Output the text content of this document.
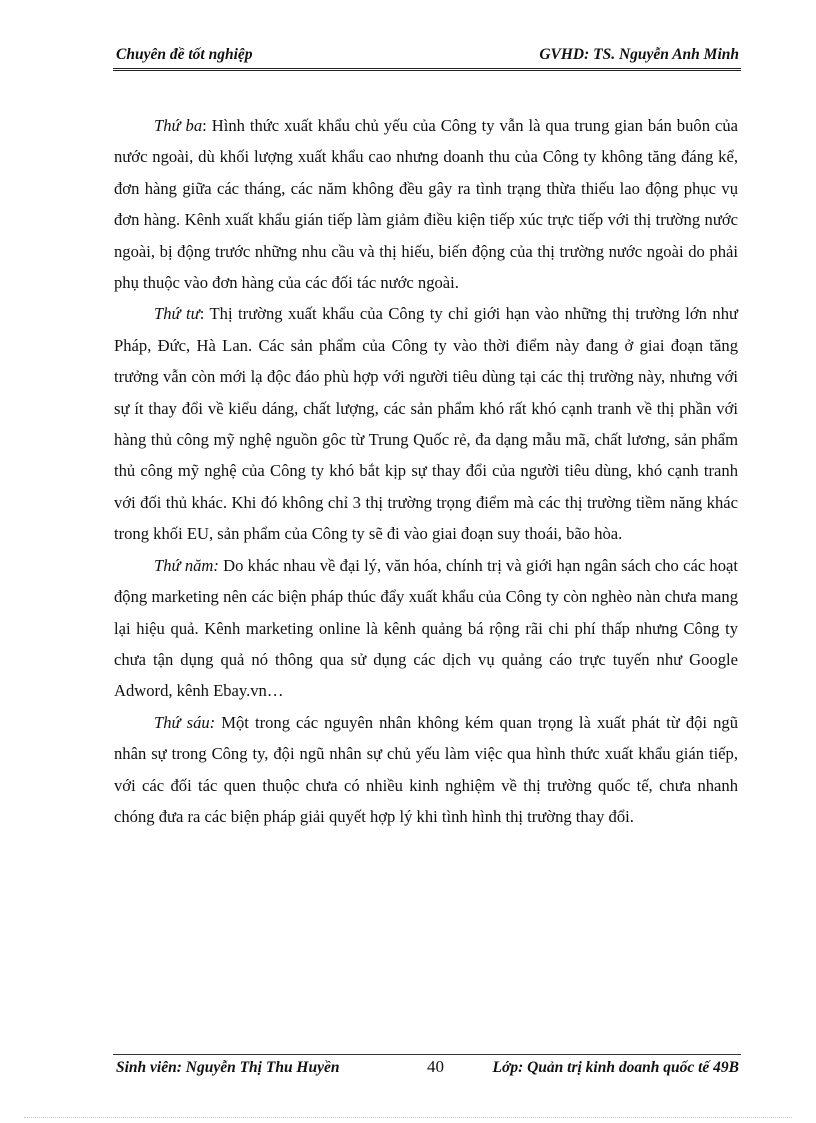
Chuyên đề tốt nghiệp	GVHD: TS. Nguyễn Anh Minh

Thứ ba: Hình thức xuất khẩu chủ yếu của Công ty vẫn là qua trung gian bán buôn của nước ngoài, dù khối lượng xuất khẩu cao nhưng doanh thu của Công ty không tăng đáng kể, đơn hàng giữa các tháng, các năm không đều gây ra tình trạng thừa thiếu lao động phục vụ đơn hàng. Kênh xuất khẩu gián tiếp làm giảm điều kiện tiếp xúc trực tiếp với thị trường nước ngoài, bị động trước những nhu cầu và thị hiếu, biến động của thị trường nước ngoài do phải phụ thuộc vào đơn hàng của các đối tác nước ngoài.

Thứ tư: Thị trường xuất khẩu của Công ty chỉ giới hạn vào những thị trường lớn như Pháp, Đức, Hà Lan. Các sản phẩm của Công ty vào thời điểm này đang ở giai đoạn tăng trưởng vẫn còn mới lạ độc đáo phù hợp với người tiêu dùng tại các thị trường này, nhưng với sự ít thay đổi về kiểu dáng, chất lượng, các sản phẩm khó rất khó cạnh tranh về thị phần với hàng thủ công mỹ nghệ nguồn gôc từ Trung Quốc rẻ, đa dạng mẫu mã, chất lương, sản phẩm thủ công mỹ nghệ của Công ty khó bắt kịp sự thay đổi của người tiêu dùng, khó cạnh tranh với đối thủ khác. Khi đó không chỉ 3 thị trường trọng điểm mà các thị trường tiềm năng khác trong khối EU, sản phẩm của Công ty sẽ đi vào giai đoạn suy thoái, bão hòa.

Thứ năm: Do khác nhau về đại lý, văn hóa, chính trị và giới hạn ngân sách cho các hoạt động marketing nên các biện pháp thúc đẩy xuất khẩu của Công ty còn nghèo nàn chưa mang lại hiệu quả. Kênh marketing online là kênh quảng bá rộng rãi chi phí thấp nhưng Công ty chưa tận dụng quả nó thông qua sử dụng các dịch vụ quảng cáo trực tuyến như Google Adword, kênh Ebay.vn…

Thứ sáu: Một trong các nguyên nhân không kém quan trọng là xuất phát từ đội ngũ nhân sự trong Công ty, đội ngũ nhân sự chủ yếu làm việc qua hình thức xuất khẩu gián tiếp, với các đối tác quen thuộc chưa có nhiều kinh nghiệm về thị trường quốc tế, chưa nhanh chóng đưa ra các biện pháp giải quyết hợp lý khi tình hình thị trường thay đổi.

Sinh viên: Nguyễn Thị Thu Huyền	40	Lớp: Quản trị kinh doanh quốc tế 49B
